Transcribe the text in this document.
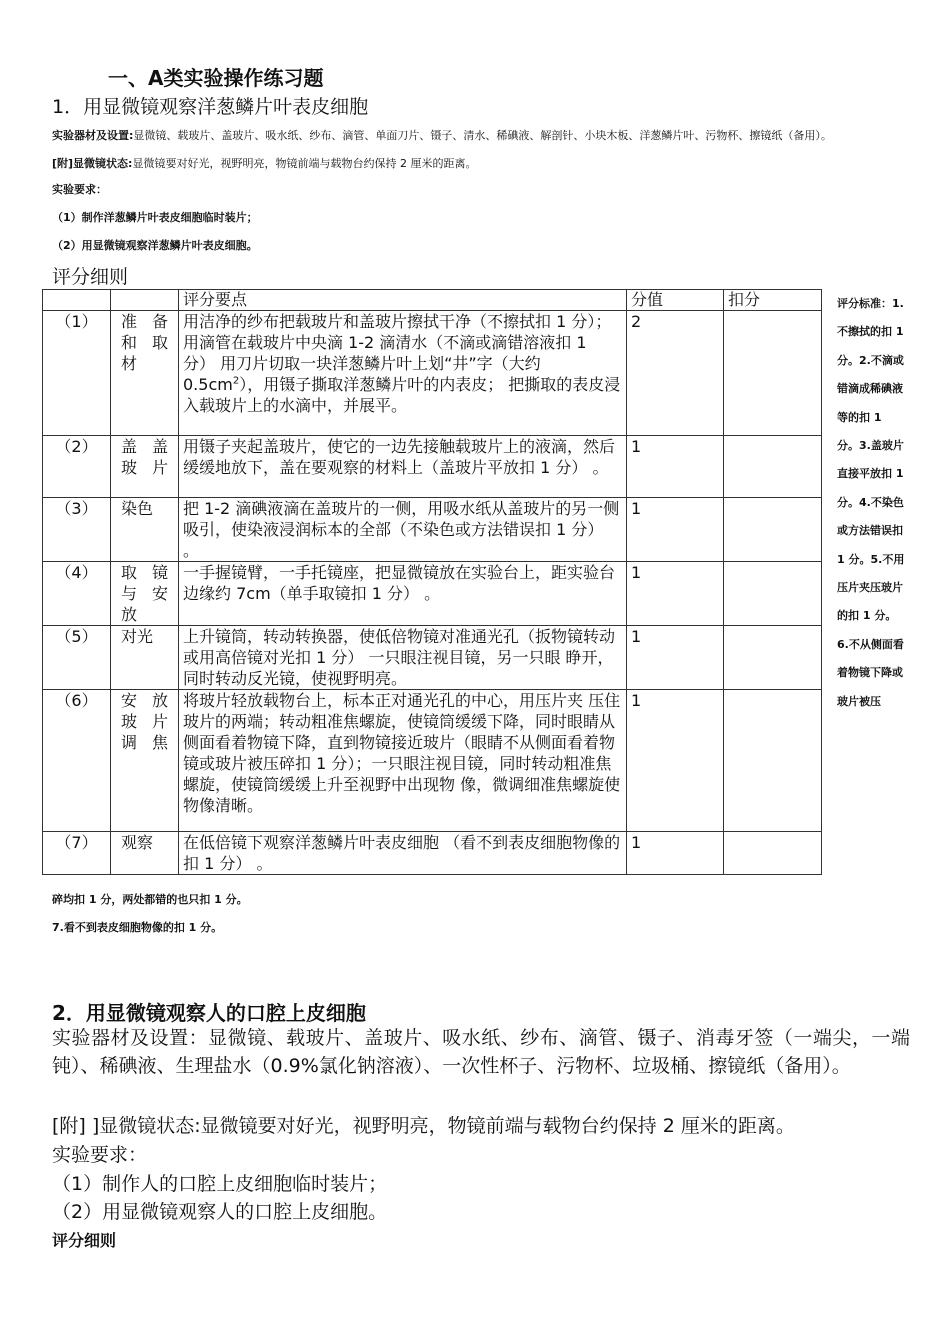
一、A类实验操作练习题
1．用显微镜观察洋葱鳞片叶表皮细胞
实验器材及设置:显微镜、载玻片、盖玻片、吸水纸、纱布、滴管、单面刀片、镊子、清水、稀碘液、解剖针、小块木板、洋葱鳞片叶、污物杯、擦镜纸（备用）。
[附]显微镜状态:显微镜要对好光，视野明亮，物镜前端与载物台约保持 2 厘米的距离。
实验要求：
（1）制作洋葱鳞片叶表皮细胞临时装片；
（2）用显微镜观察洋葱鳞片叶表皮细胞。
评分细则
		评分要点	分值	扣分
（1）	准备和取材	用洁净的纱布把载玻片和盖玻片擦拭干净（不擦拭扣 1 分）；用滴管在载玻片中央滴 1-2 滴清水（不滴或滴错溶液扣 1 分） 用刀片切取一块洋葱鳞片叶上划“井”字（大约 $0.5cm^2$），用镊子撕取洋葱鳞片叶的内表皮； 把撕取的表皮浸入载玻片上的水滴中，并展平。	2	
（2）	盖盖玻片	用镊子夹起盖玻片，使它的一边先接触载玻片上的液滴，然后缓缓地放下，盖在要观察的材料上（盖玻片平放扣 1 分） 。	1	
（3）	染色	把 1-2 滴碘液滴在盖玻片的一侧，用吸水纸从盖玻片的另一侧吸引，使染液浸润标本的全部（不染色或方法错误扣 1 分） 。	1	
（4）	取镜与安放	一手握镜臂，一手托镜座，把显微镜放在实验台上，距实验台边缘约 7cm（单手取镜扣 1 分） 。	1	
（5）	对光	上升镜筒，转动转换器，使低倍物镜对准通光孔（扳物镜转动或用高倍镜对光扣 1 分） 一只眼注视目镜，另一只眼 睁开，同时转动反光镜，使视野明亮。	1	
（6）	安放玻片调焦	将玻片轻放载物台上，标本正对通光孔的中心，用压片夹 压住玻片的两端；转动粗准焦螺旋，使镜筒缓缓下降，同时眼睛从侧面看着物镜下降，直到物镜接近玻片（眼睛不从侧面看着物镜或玻片被压碎扣 1 分）；一只眼注视目镜，同时转动粗准焦螺旋，使镜筒缓缓上升至视野中出现物 像，微调细准焦螺旋使物像清晰。	1	
（7）	观察	在低倍镜下观察洋葱鳞片叶表皮细胞 （看不到表皮细胞物像的扣 1 分） 。	1	
评分标准：1.不擦拭的扣 1 分。2.不滴或错滴成稀碘液等的扣 1 分。3.盖玻片直接平放扣 1 分。4.不染色或方法错误扣 1 分。5.不用压片夹压玻片的扣 1 分。6.不从侧面看着物镜下降或玻片被压
碎均扣 1 分，两处都错的也只扣 1 分。
7.看不到表皮细胞物像的扣 1 分。
2．用显微镜观察人的口腔上皮细胞
实验器材及设置：显微镜、载玻片、盖玻片、吸水纸、纱布、滴管、镊子、消毒牙签（一端尖，一端钝）、稀碘液、生理盐水（0.9%氯化钠溶液）、一次性杯子、污物杯、垃圾桶、擦镜纸（备用）。
[附] ]显微镜状态:显微镜要对好光，视野明亮，物镜前端与载物台约保持 2 厘米的距离。
实验要求：
（1）制作人的口腔上皮细胞临时装片；
（2）用显微镜观察人的口腔上皮细胞。
评分细则
